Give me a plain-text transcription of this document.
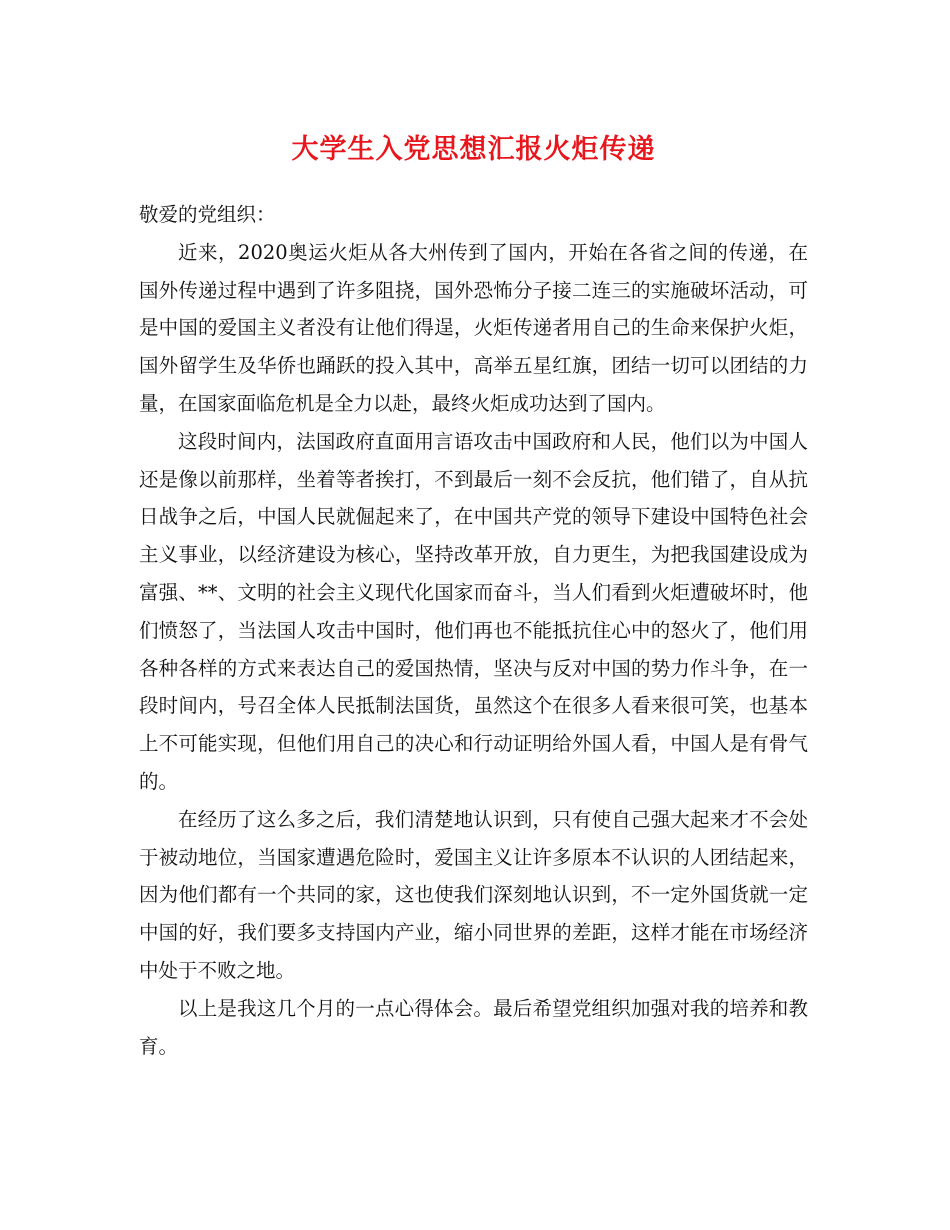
大学生入党思想汇报火炬传递

敬爱的党组织：

近来，2020奥运火炬从各大州传到了国内，开始在各省之间的传递，在国外传递过程中遇到了许多阻挠，国外恐怖分子接二连三的实施破坏活动，可是中国的爱国主义者没有让他们得逞，火炬传递者用自己的生命来保护火炬，国外留学生及华侨也踊跃的投入其中，高举五星红旗，团结一切可以团结的力量，在国家面临危机是全力以赴，最终火炬成功达到了国内。

这段时间内，法国政府直面用言语攻击中国政府和人民，他们以为中国人还是像以前那样，坐着等者挨打，不到最后一刻不会反抗，他们错了，自从抗日战争之后，中国人民就倔起来了，在中国共产党的领导下建设中国特色社会主义事业，以经济建设为核心，坚持改革开放，自力更生，为把我国建设成为富强、**、文明的社会主义现代化国家而奋斗，当人们看到火炬遭破坏时，他们愤怒了，当法国人攻击中国时，他们再也不能抵抗住心中的怒火了，他们用各种各样的方式来表达自己的爱国热情，坚决与反对中国的势力作斗争，在一段时间内，号召全体人民抵制法国货，虽然这个在很多人看来很可笑，也基本上不可能实现，但他们用自己的决心和行动证明给外国人看，中国人是有骨气的。

在经历了这么多之后，我们清楚地认识到，只有使自己强大起来才不会处于被动地位，当国家遭遇危险时，爱国主义让许多原本不认识的人团结起来，因为他们都有一个共同的家，这也使我们深刻地认识到，不一定外国货就一定中国的好，我们要多支持国内产业，缩小同世界的差距，这样才能在市场经济中处于不败之地。

以上是我这几个月的一点心得体会。最后希望党组织加强对我的培养和教育。
